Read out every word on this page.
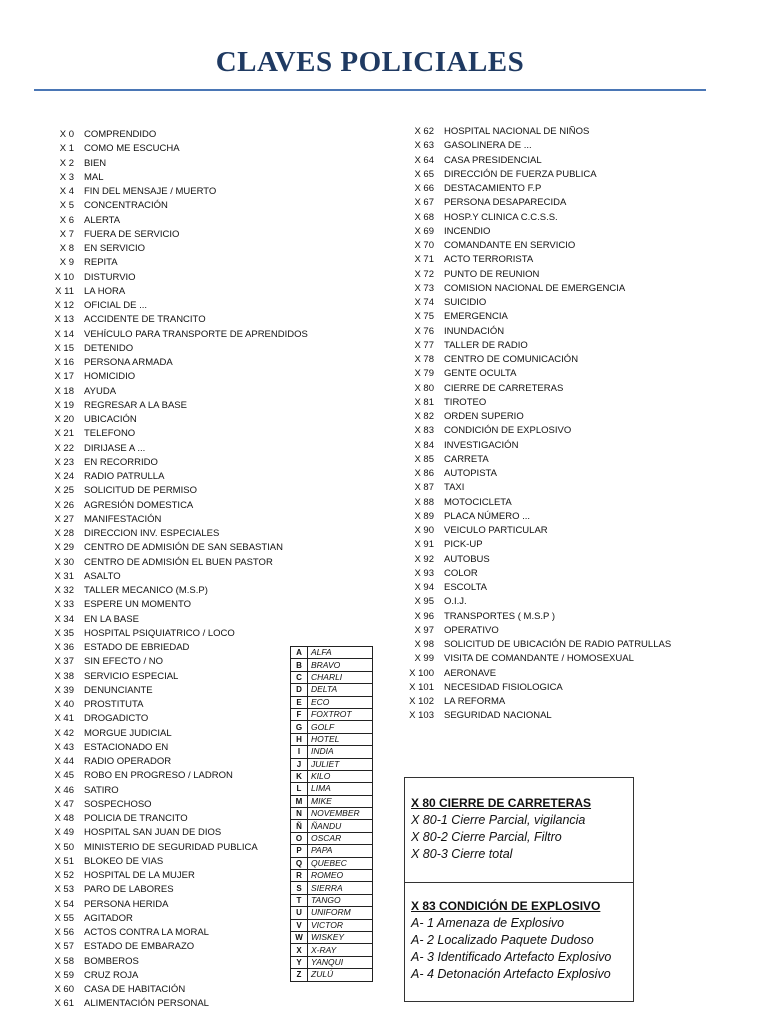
CLAVES POLICIALES
X 0 COMPRENDIDO
X 1 COMO ME ESCUCHA
X 2 BIEN
X 3 MAL
X 4 FIN DEL MENSAJE / MUERTO
X 5 CONCENTRACIÓN
X 6 ALERTA
X 7 FUERA DE SERVICIO
X 8 EN SERVICIO
X 9 REPITA
X 10 DISTURVIO
X 11 LA HORA
X 12 OFICIAL DE ...
X 13 ACCIDENTE DE TRANCITO
X 14 VEHÍCULO PARA TRANSPORTE DE APRENDIDOS
X 15 DETENIDO
X 16 PERSONA ARMADA
X 17 HOMICIDIO
X 18 AYUDA
X 19 REGRESAR A LA BASE
X 20 UBICACIÓN
X 21 TELEFONO
X 22 DIRIJASE A ...
X 23 EN RECORRIDO
X 24 RADIO PATRULLA
X 25 SOLICITUD DE PERMISO
X 26 AGRESIÓN DOMESTICA
X 27 MANIFESTACIÓN
X 28 DIRECCION INV. ESPECIALES
X 29 CENTRO DE ADMISIÓN DE SAN SEBASTIAN
X 30 CENTRO DE ADMISIÓN EL BUEN PASTOR
X 31 ASALTO
X 32 TALLER MECANICO (M.S.P)
X 33 ESPERE UN MOMENTO
X 34 EN LA BASE
X 35 HOSPITAL PSIQUIATRICO / LOCO
X 36 ESTADO DE EBRIEDAD
X 37 SIN EFECTO / NO
X 38 SERVICIO ESPECIAL
X 39 DENUNCIANTE
X 40 PROSTITUTA
X 41 DROGADICTO
X 42 MORGUE JUDICIAL
X 43 ESTACIONADO EN
X 44 RADIO OPERADOR
X 45 ROBO EN PROGRESO / LADRON
X 46 SATIRO
X 47 SOSPECHOSO
X 48 POLICIA DE TRANCITO
X 49 HOSPITAL SAN JUAN DE DIOS
X 50 MINISTERIO DE SEGURIDAD PUBLICA
X 51 BLOKEO DE VIAS
X 52 HOSPITAL DE LA MUJER
X 53 PARO DE LABORES
X 54 PERSONA HERIDA
X 55 AGITADOR
X 56 ACTOS CONTRA LA MORAL
X 57 ESTADO DE EMBARAZO
X 58 BOMBEROS
X 59 CRUZ ROJA
X 60 CASA DE HABITACIÓN
X 61 ALIMENTACIÓN PERSONAL
X 62 HOSPITAL NACIONAL DE NIÑOS
X 63 GASOLINERA DE ...
X 64 CASA PRESIDENCIAL
X 65 DIRECCIÓN DE FUERZA PUBLICA
X 66 DESTACAMIENTO F.P
X 67 PERSONA DESAPARECIDA
X 68 HOSP.Y CLINICA C.C.S.S.
X 69 INCENDIO
X 70 COMANDANTE EN SERVICIO
X 71 ACTO TERRORISTA
X 72 PUNTO DE REUNION
X 73 COMISION NACIONAL DE EMERGENCIA
X 74 SUICIDIO
X 75 EMERGENCIA
X 76 INUNDACIÓN
X 77 TALLER DE RADIO
X 78 CENTRO DE COMUNICACIÓN
X 79 GENTE OCULTA
X 80 CIERRE DE CARRETERAS
X 81 TIROTEO
X 82 ORDEN SUPERIO
X 83 CONDICIÓN DE EXPLOSIVO
X 84 INVESTIGACIÓN
X 85 CARRETA
X 86 AUTOPISTA
X 87 TAXI
X 88 MOTOCICLETA
X 89 PLACA NÚMERO ...
X 90 VEICULO PARTICULAR
X 91 PICK-UP
X 92 AUTOBUS
X 93 COLOR
X 94 ESCOLTA
X 95 O.I.J.
X 96 TRANSPORTES ( M.S.P )
X 97 OPERATIVO
X 98 SOLICITUD DE UBICACIÓN DE RADIO PATRULLAS
X 99 VISITA DE COMANDANTE / HOMOSEXUAL
X 100 AERONAVE
X 101 NECESIDAD FISIOLOGICA
X 102 LA REFORMA
X 103 SEGURIDAD NACIONAL
A	ALFA
B	BRAVO
C	CHARLI
D	DELTA
E	ECO
F	FOXTROT
G	GOLF
H	HOTEL
I	INDIA
J	JULIET
K	KILO
L	LIMA
M	MIKE
N	NOVEMBER
Ñ	ÑANDU
O	OSCAR
P	PAPA
Q	QUEBEC
R	ROMEO
S	SIERRA
T	TANGO
U	UNIFORM
V	VICTOR
W	WISKEY
X	X-RAY
Y	YANQUI
Z	ZULÚ
X 80 CIERRE DE CARRETERAS
X 80-1 Cierre Parcial, vigilancia
X 80-2 Cierre Parcial, Filtro
X 80-3 Cierre total
X 83 CONDICIÓN DE EXPLOSIVO
A- 1 Amenaza de Explosivo
A- 2 Localizado Paquete Dudoso
A- 3 Identificado Artefacto Explosivo
A- 4 Detonación Artefacto Explosivo
